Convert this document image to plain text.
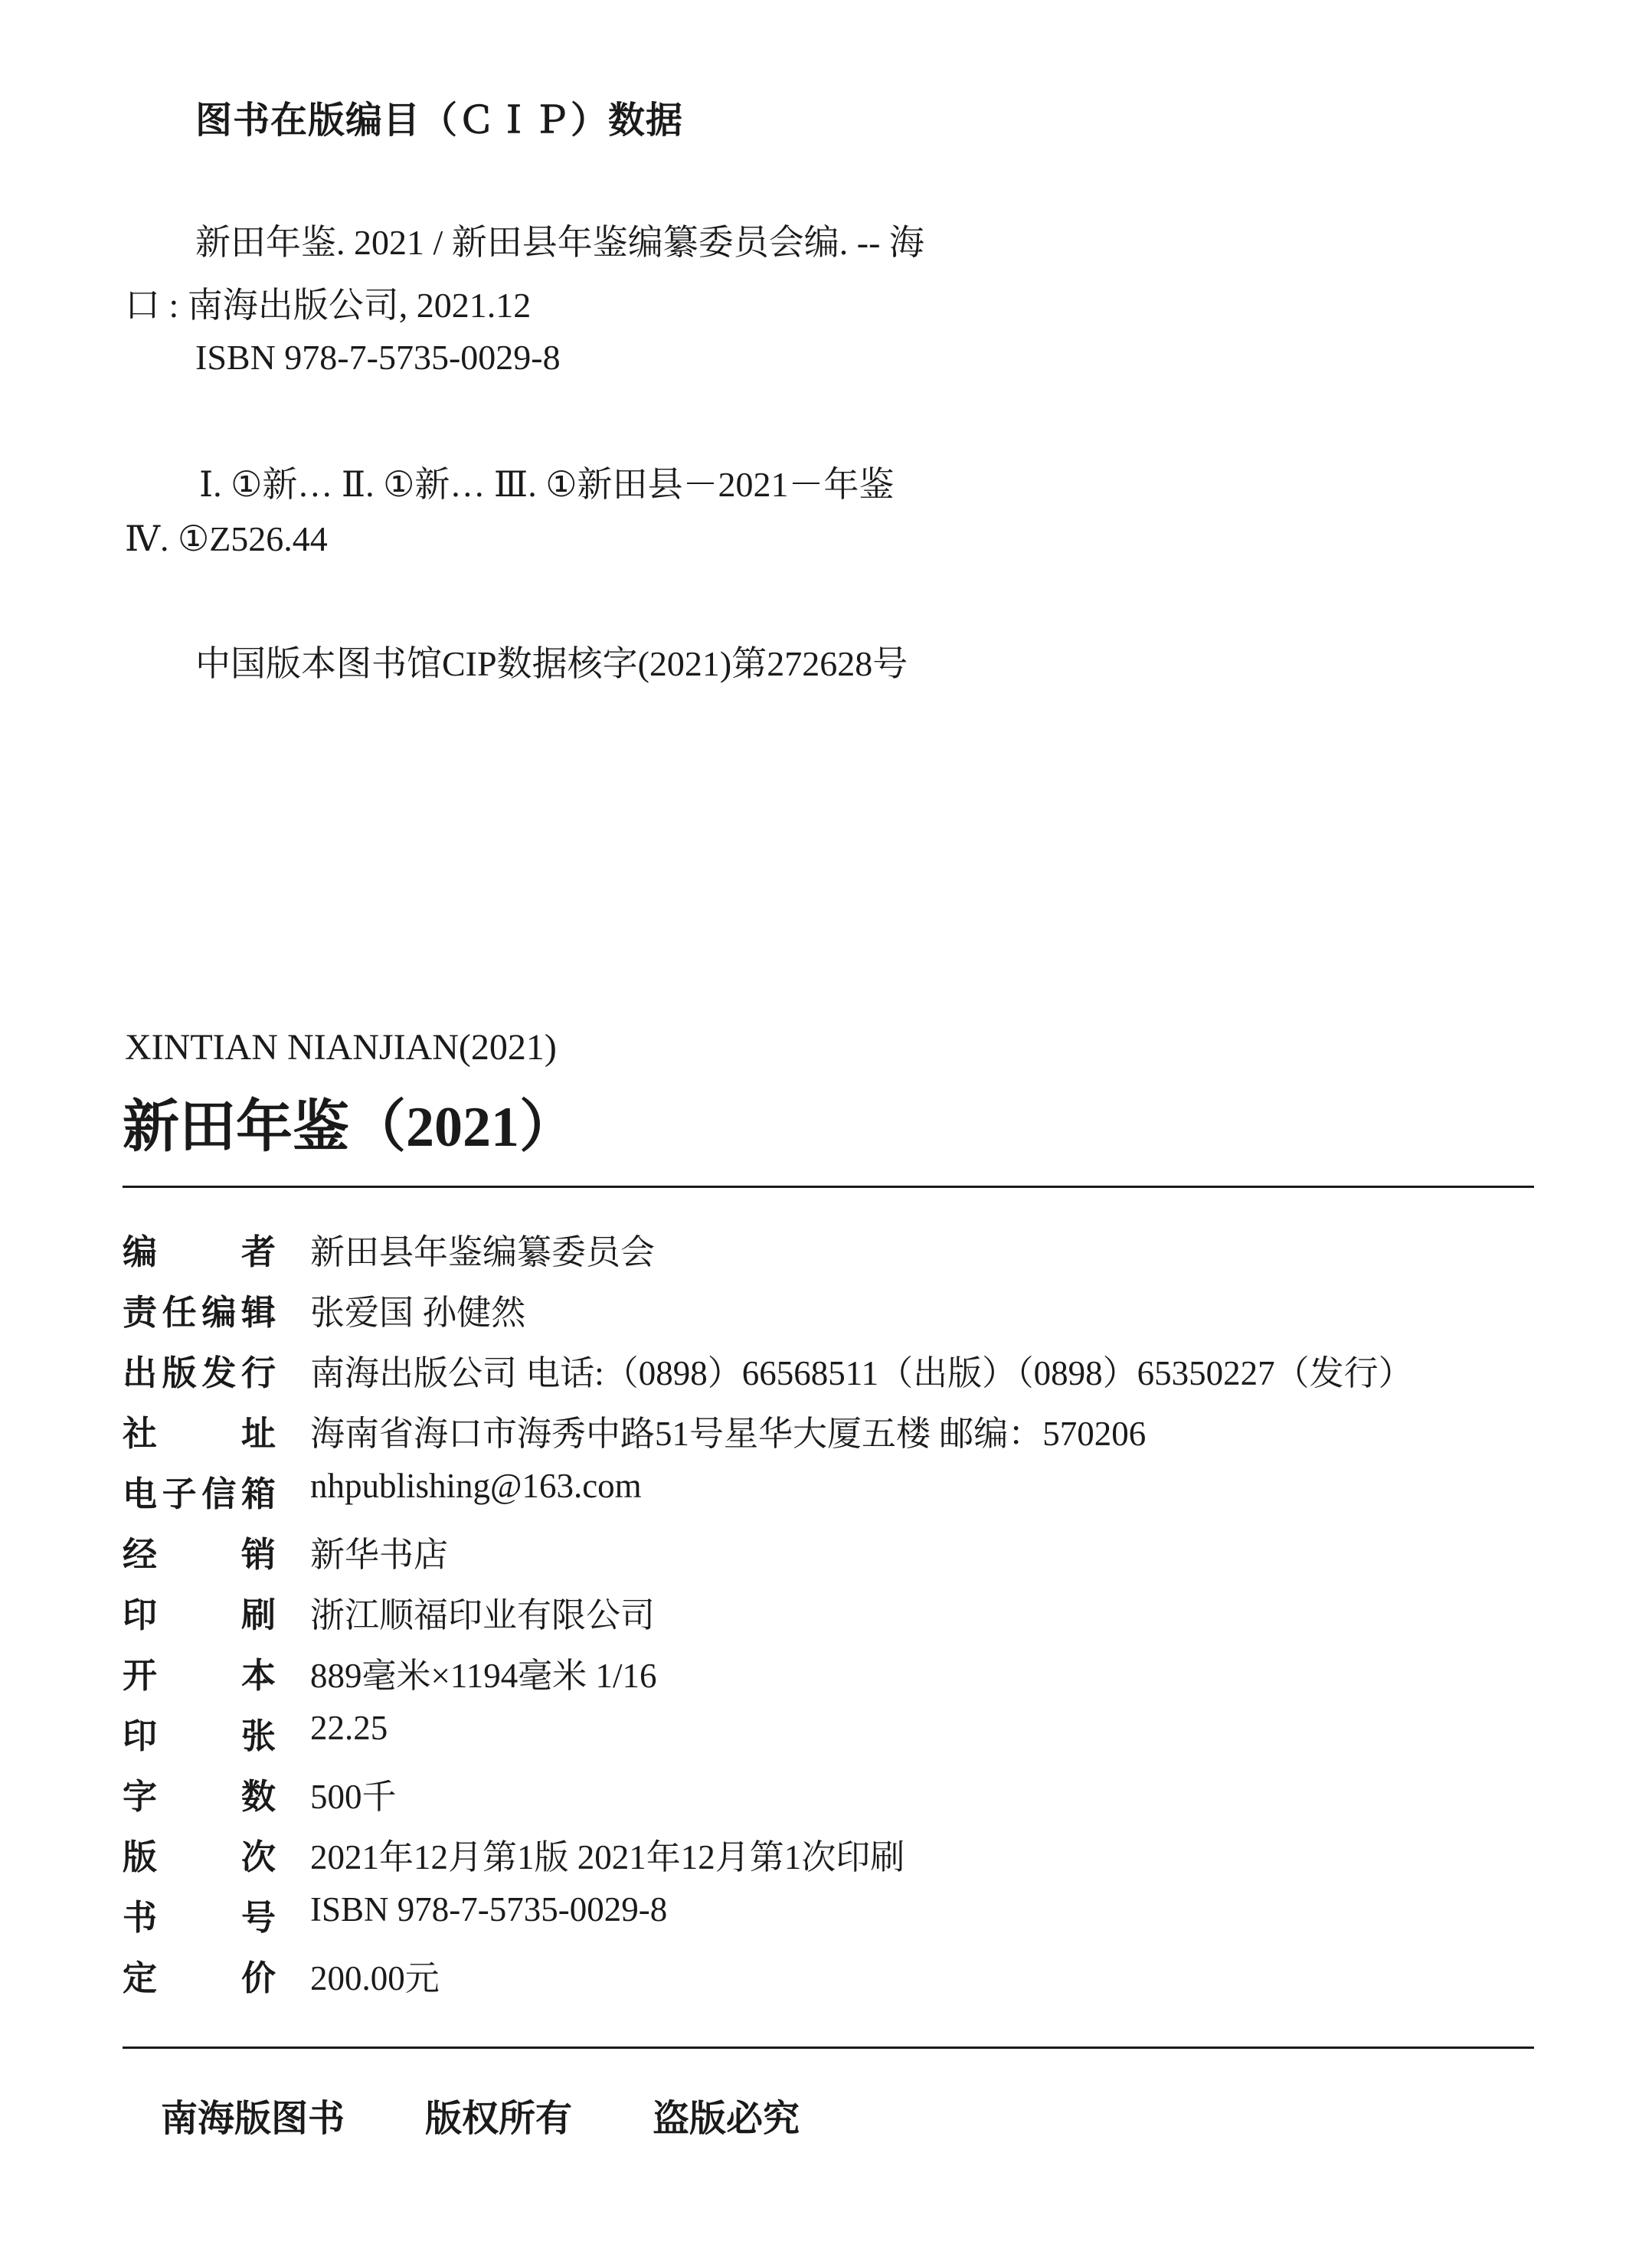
图书在版编目（ＣＩＰ）数据
新田年鉴. 2021 / 新田县年鉴编纂委员会编. -- 海
口 : 南海出版公司, 2021.12
ISBN 978-7-5735-0029-8
Ⅰ. ①新… Ⅱ. ①新… Ⅲ. ①新田县－2021－年鉴
Ⅳ. ①Z526.44
中国版本图书馆CIP数据核字(2021)第272628号
XINTIAN NIANJIAN(2021)
新田年鉴（2021）
编 者 新田县年鉴编纂委员会
责 任 编 辑 张爱国 孙健然
出 版 发 行 南海出版公司 电话:（0898）66568511（出版）（0898）65350227（发行）
社 址 海南省海口市海秀中路51号星华大厦五楼 邮编：570206
电 子 信 箱 nhpublishing@163.com
经 销 新华书店
印 刷 浙江顺福印业有限公司
开 本 889毫米×1194毫米 1/16
印 张 22.25
字 数 500千
版 次 2021年12月第1版 2021年12月第1次印刷
书 号 ISBN 978-7-5735-0029-8
定 价 200.00元
南海版图书 版权所有 盗版必究
